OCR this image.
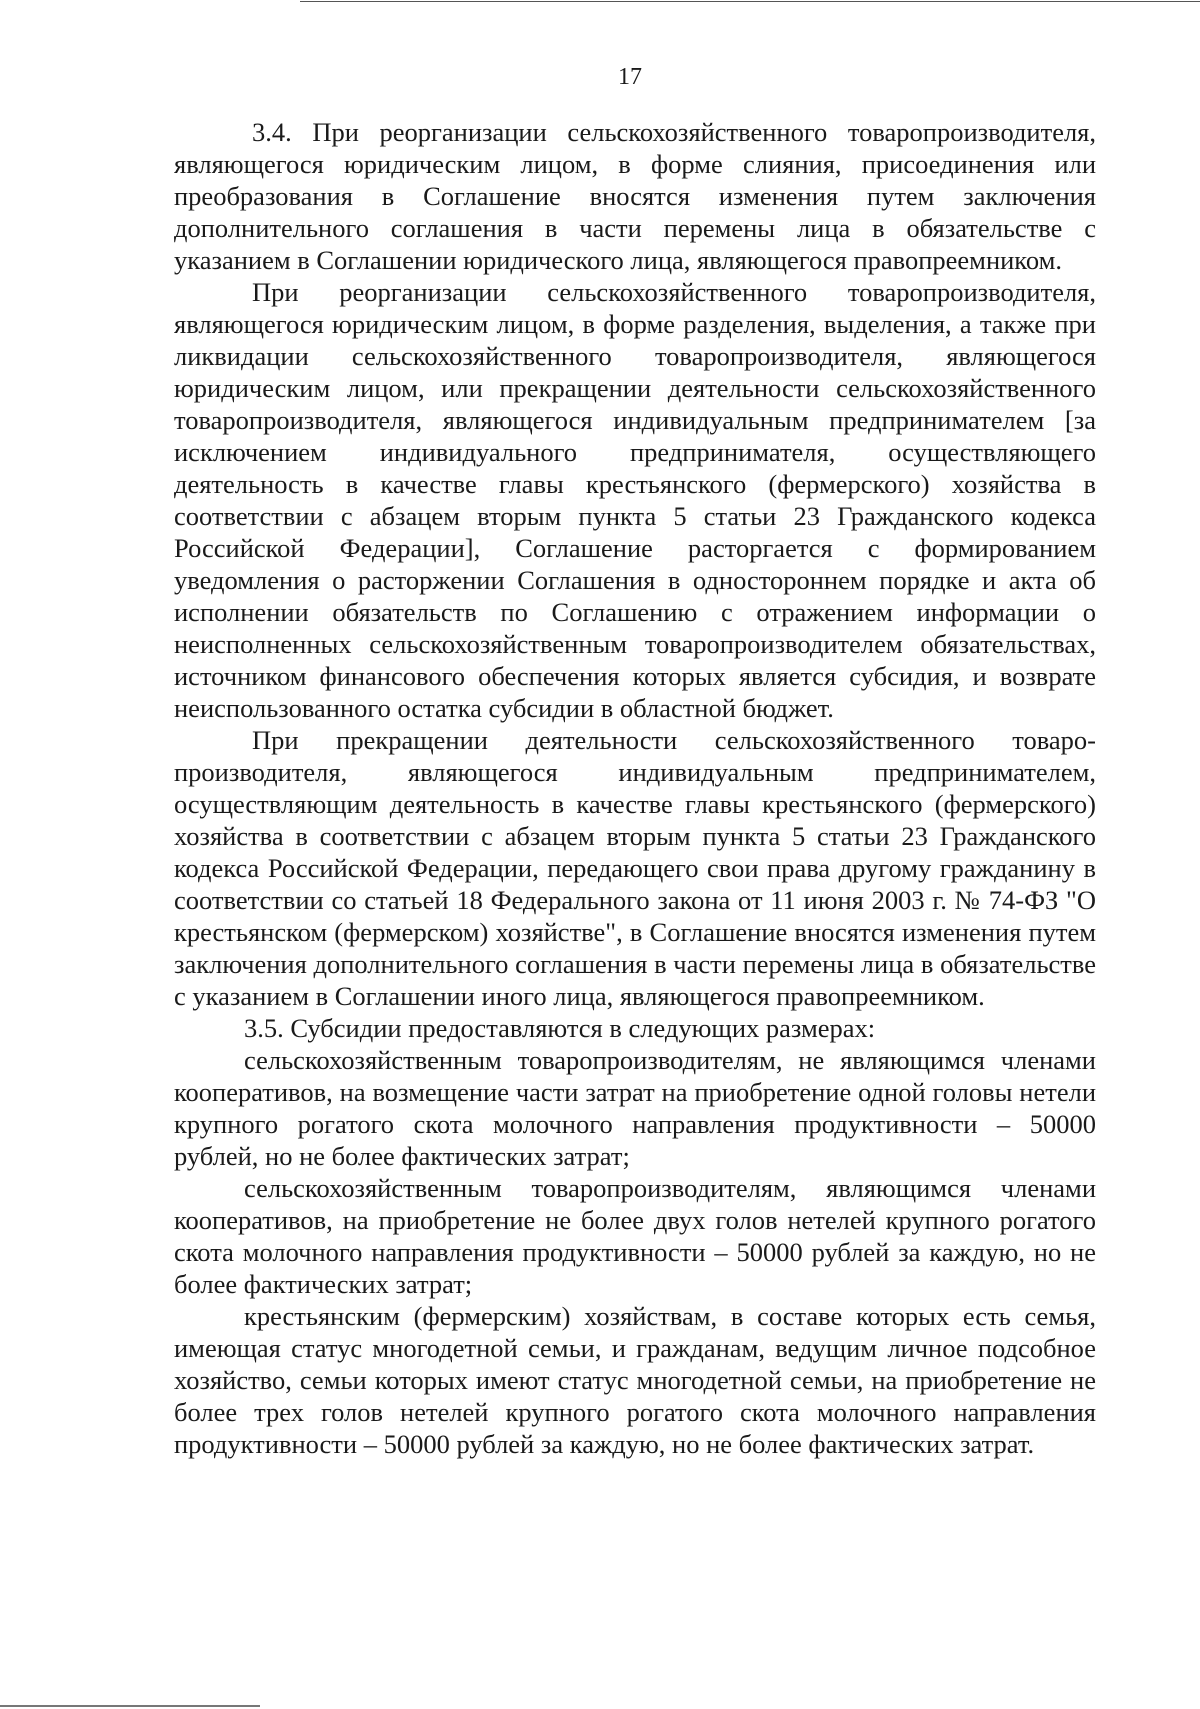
17

3.4. При реорганизации сельскохозяйственного товаропроизводителя, являющегося юридическим лицом, в форме слияния, присоединения или преобразования в Соглашение вносятся изменения путем заключения дополнительного соглашения в части перемены лица в обязательстве с указанием в Соглашении юридического лица, являющегося правопреемником.

При реорганизации сельскохозяйственного товаропроизводителя, являющегося юридическим лицом, в форме разделения, выделения, а также при ликвидации сельскохозяйственного товаропроизводителя, являющегося юридическим лицом, или прекращении деятельности сельскохозяйственного товаропроизводителя, являющегося индивидуальным предпринимателем [за исключением индивидуального предпринимателя, осуществляющего деятельность в качестве главы крестьянского (фермерского) хозяйства в соответствии с абзацем вторым пункта 5 статьи 23 Гражданского кодекса Российской Федерации], Соглашение расторгается с формированием уведомления о расторжении Соглашения в одностороннем порядке и акта об исполнении обязательств по Соглашению с отражением информации о неисполненных сельскохозяйственным товаропроизводителем обязательствах, источником финансового обеспечения которых является субсидия, и возврате неиспользованного остатка субсидии в областной бюджет.

При прекращении деятельности сельскохозяйственного товаропроизводителя, являющегося индивидуальным предпринимателем, осуществляющим деятельность в качестве главы крестьянского (фермерского) хозяйства в соответствии с абзацем вторым пункта 5 статьи 23 Гражданского кодекса Российской Федерации, передающего свои права другому гражданину в соответствии со статьей 18 Федерального закона от 11 июня 2003 г. № 74-ФЗ "О крестьянском (фермерском) хозяйстве", в Соглашение вносятся изменения путем заключения дополнительного соглашения в части перемены лица в обязательстве с указанием в Соглашении иного лица, являющегося правопреемником.

3.5. Субсидии предоставляются в следующих размерах:

сельскохозяйственным товаропроизводителям, не являющимся членами кооперативов, на возмещение части затрат на приобретение одной головы нетели крупного рогатого скота молочного направления продуктивности – 50000 рублей, но не более фактических затрат;

сельскохозяйственным товаропроизводителям, являющимся членами кооперативов, на приобретение не более двух голов нетелей крупного рогатого скота молочного направления продуктивности – 50000 рублей за каждую, но не более фактических затрат;

крестьянским (фермерским) хозяйствам, в составе которых есть семья, имеющая статус многодетной семьи, и гражданам, ведущим личное подсобное хозяйство, семьи которых имеют статус многодетной семьи, на приобретение не более трех голов нетелей крупного рогатого скота молочного направления продуктивности – 50000 рублей за каждую, но не более фактических затрат.
